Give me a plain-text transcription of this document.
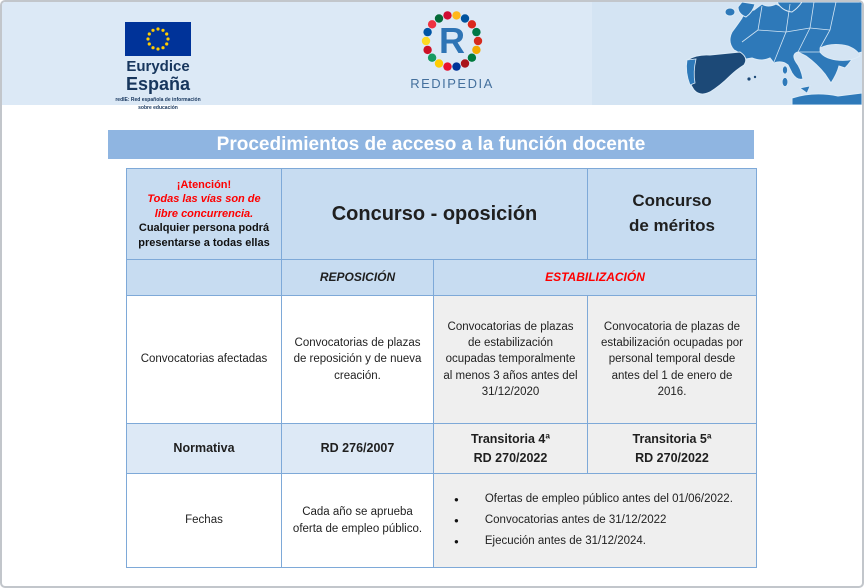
Eurydice
España
redIE: Red española de información
sobre educación
R
REDIPEDIA
Procedimientos de acceso a la función docente
¡Atención!
Todas las vías son de libre concurrencia.
Cualquier persona podrá presentarse a todas ellas
Concurso - oposición
Concurso
de méritos
REPOSICIÓN	ESTABILIZACIÓN
Convocatorias afectadas
Convocatorias de plazas de reposición y de nueva creación.
Convocatorias de plazas de estabilización ocupadas temporalmente al menos 3 años antes del 31/12/2020
Convocatoria de plazas de estabilización ocupadas por personal temporal desde antes del 1 de enero de 2016.
Normativa	RD 276/2007
Transitoria 4ª
RD 270/2022
Transitoria 5ª
RD 270/2022
Fechas
Cada año se aprueba oferta de empleo público.
● Ofertas de empleo público antes del 01/06/2022.
● Convocatorias antes de 31/12/2022
● Ejecución antes de 31/12/2024.
